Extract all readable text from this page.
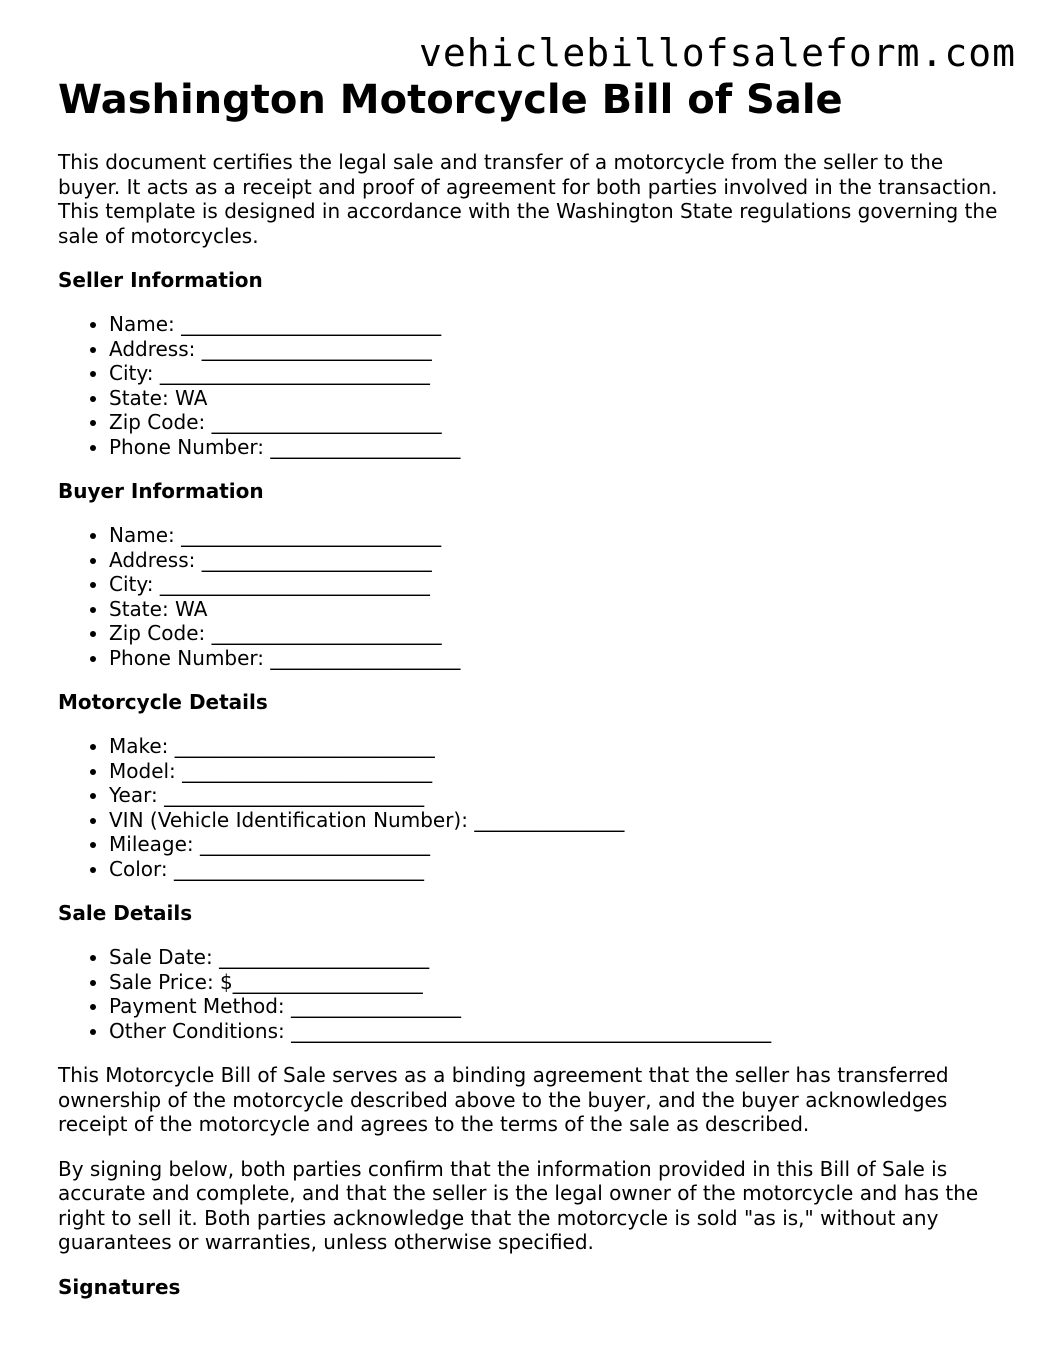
vehiclebillofsaleform.com
Washington Motorcycle Bill of Sale

This document certifies the legal sale and transfer of a motorcycle from the seller to the buyer. It acts as a receipt and proof of agreement for both parties involved in the transaction. This template is designed in accordance with the Washington State regulations governing the sale of motorcycles.

Seller Information
• Name: __________________________
• Address: _______________________
• City: ___________________________
• State: WA
• Zip Code: _______________________
• Phone Number: ___________________
Buyer Information
• Name: __________________________
• Address: _______________________
• City: ___________________________
• State: WA
• Zip Code: _______________________
• Phone Number: ___________________
Motorcycle Details
• Make: __________________________
• Model: _________________________
• Year: __________________________
• VIN (Vehicle Identification Number): _______________
• Mileage: _______________________
• Color: _________________________
Sale Details
• Sale Date: _____________________
• Sale Price: $___________________
• Payment Method: _________________
• Other Conditions: ________________________________________________

This Motorcycle Bill of Sale serves as a binding agreement that the seller has transferred ownership of the motorcycle described above to the buyer, and the buyer acknowledges receipt of the motorcycle and agrees to the terms of the sale as described.

By signing below, both parties confirm that the information provided in this Bill of Sale is accurate and complete, and that the seller is the legal owner of the motorcycle and has the right to sell it. Both parties acknowledge that the motorcycle is sold "as is," without any guarantees or warranties, unless otherwise specified.

Signatures
